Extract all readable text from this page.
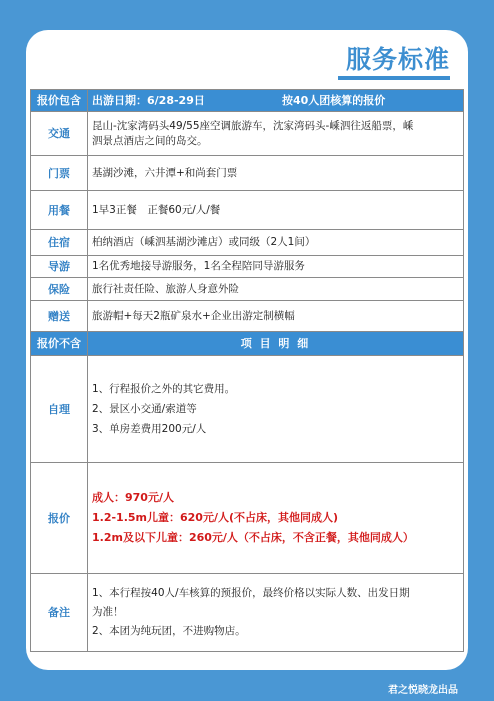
服务标准
报价包含	出游日期：6/28-29日 按40人团核算的报价
交通	昆山-沈家湾码头49/55座空调旅游车，沈家湾码头-嵊泗往返船票，嵊
泗景点酒店之间的岛交。

门票	基湖沙滩，六井潭+和尚套门票
用餐	1早3正餐　正餐60元/人/餐
住宿	柏纳酒店（嵊泗基湖沙滩店）或同级（2人1间）
导游	1名优秀地接导游服务，1名全程陪同导游服务
保险	旅行社责任险、旅游人身意外险
赠送	旅游帽+每天2瓶矿泉水+企业出游定制横幅
报价不含	项 目 明 细
自理	1、行程报价之外的其它费用。
2、景区小交通/索道等
3、单房差费用200元/人

报价	成人：970元/人
1.2-1.5m儿童：620元/人(不占床，其他同成人)
1.2m及以下儿童：260元/人（不占床，不含正餐，其他同成人）

备注	1、本行程按40人/车核算的预报价，最终价格以实际人数、出发日期
为准！
2、本团为纯玩团，不进购物店。
君之悦晓龙出品
